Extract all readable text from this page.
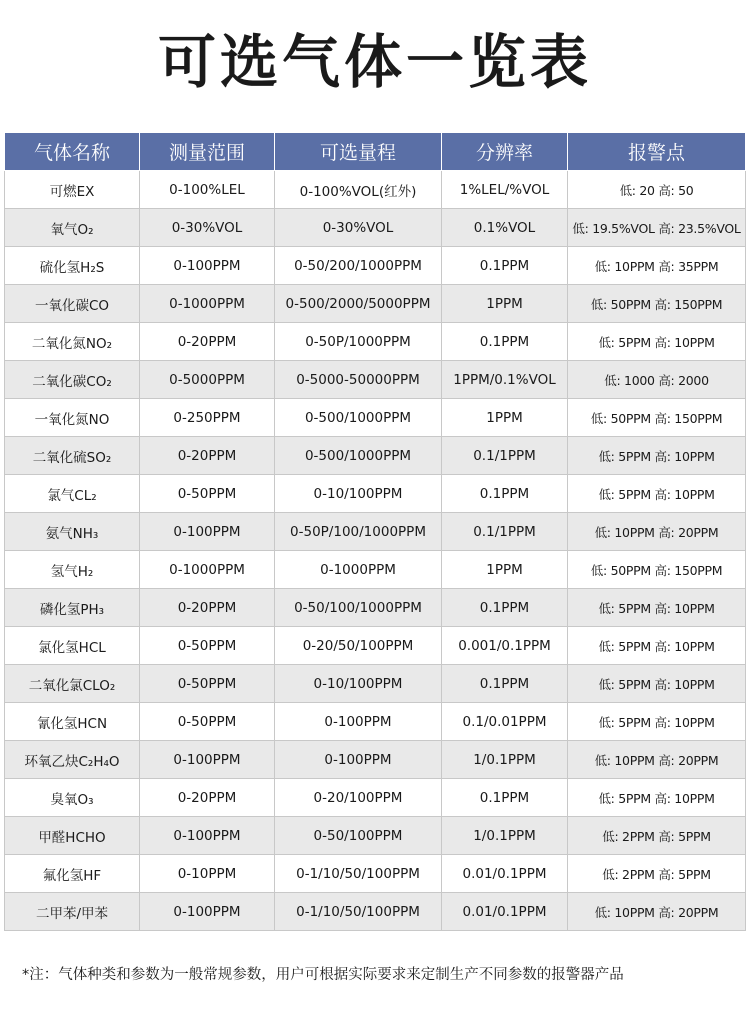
可选气体一览表
气体名称	测量范围	可选量程	分辨率	报警点
可燃EX	0-100%LEL	0-100%VOL(红外)	1%LEL/%VOL	低: 20 高: 50
氧气O₂	0-30%VOL	0-30%VOL	0.1%VOL	低: 19.5%VOL 高: 23.5%VOL
硫化氢H₂S	0-100PPM	0-50/200/1000PPM	0.1PPM	低: 10PPM 高: 35PPM
一氧化碳CO	0-1000PPM	0-500/2000/5000PPM	1PPM	低: 50PPM 高: 150PPM
二氧化氮NO₂	0-20PPM	0-50P/1000PPM	0.1PPM	低: 5PPM 高: 10PPM
二氧化碳CO₂	0-5000PPM	0-5000-50000PPM	1PPM/0.1%VOL	低: 1000 高: 2000
一氧化氮NO	0-250PPM	0-500/1000PPM	1PPM	低: 50PPM 高: 150PPM
二氧化硫SO₂	0-20PPM	0-500/1000PPM	0.1/1PPM	低: 5PPM 高: 10PPM
氯气CL₂	0-50PPM	0-10/100PPM	0.1PPM	低: 5PPM 高: 10PPM
氨气NH₃	0-100PPM	0-50P/100/1000PPM	0.1/1PPM	低: 10PPM 高: 20PPM
氢气H₂	0-1000PPM	0-1000PPM	1PPM	低: 50PPM 高: 150PPM
磷化氢PH₃	0-20PPM	0-50/100/1000PPM	0.1PPM	低: 5PPM 高: 10PPM
氯化氢HCL	0-50PPM	0-20/50/100PPM	0.001/0.1PPM	低: 5PPM 高: 10PPM
二氧化氯CLO₂	0-50PPM	0-10/100PPM	0.1PPM	低: 5PPM 高: 10PPM
氰化氢HCN	0-50PPM	0-100PPM	0.1/0.01PPM	低: 5PPM 高: 10PPM
环氧乙炔C₂H₄O	0-100PPM	0-100PPM	1/0.1PPM	低: 10PPM 高: 20PPM
臭氧O₃	0-20PPM	0-20/100PPM	0.1PPM	低: 5PPM 高: 10PPM
甲醛HCHO	0-100PPM	0-50/100PPM	1/0.1PPM	低: 2PPM 高: 5PPM
氟化氢HF	0-10PPM	0-1/10/50/100PPM	0.01/0.1PPM	低: 2PPM 高: 5PPM
二甲苯/甲苯	0-100PPM	0-1/10/50/100PPM	0.01/0.1PPM	低: 10PPM 高: 20PPM
*注：气体种类和参数为一般常规参数，用户可根据实际要求来定制生产不同参数的报警器产品
